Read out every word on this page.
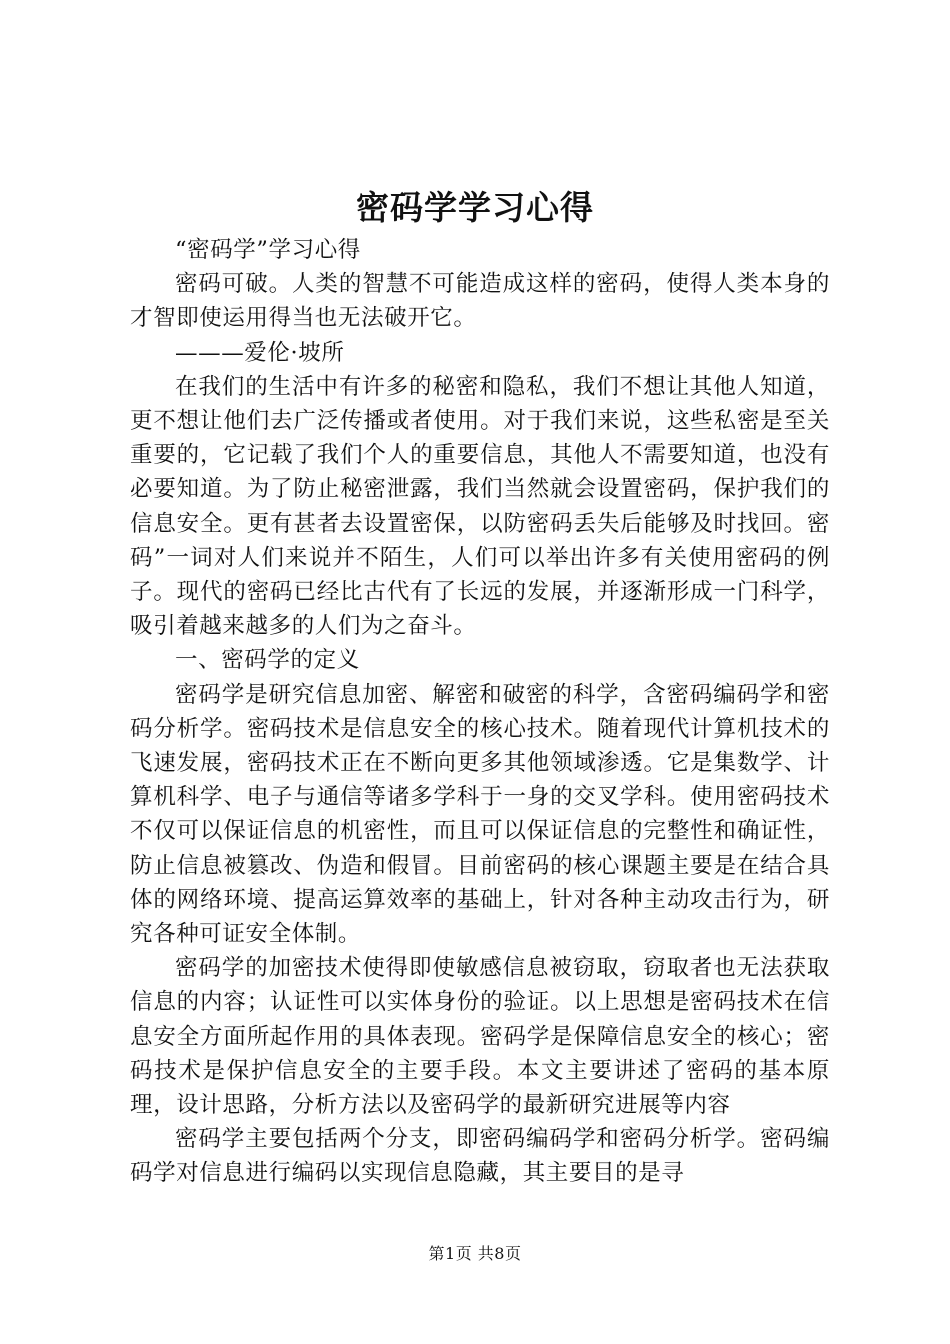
密码学学习心得

“密码学”学习心得

密码可破。人类的智慧不可能造成这样的密码，使得人类本身的才智即使运用得当也无法破开它。

———爱伦·坡所

在我们的生活中有许多的秘密和隐私，我们不想让其他人知道，更不想让他们去广泛传播或者使用。对于我们来说，这些私密是至关重要的，它记载了我们个人的重要信息，其他人不需要知道，也没有必要知道。为了防止秘密泄露，我们当然就会设置密码，保护我们的信息安全。更有甚者去设置密保，以防密码丢失后能够及时找回。密码”一词对人们来说并不陌生，人们可以举出许多有关使用密码的例子。现代的密码已经比古代有了长远的发展，并逐渐形成一门科学，吸引着越来越多的人们为之奋斗。

一、密码学的定义

密码学是研究信息加密、解密和破密的科学，含密码编码学和密码分析学。密码技术是信息安全的核心技术。随着现代计算机技术的飞速发展，密码技术正在不断向更多其他领域渗透。它是集数学、计算机科学、电子与通信等诸多学科于一身的交叉学科。使用密码技术不仅可以保证信息的机密性，而且可以保证信息的完整性和确证性，防止信息被篡改、伪造和假冒。目前密码的核心课题主要是在结合具体的网络环境、提高运算效率的基础上，针对各种主动攻击行为，研究各种可证安全体制。

密码学的加密技术使得即使敏感信息被窃取，窃取者也无法获取信息的内容；认证性可以实体身份的验证。以上思想是密码技术在信息安全方面所起作用的具体表现。密码学是保障信息安全的核心；密码技术是保护信息安全的主要手段。本文主要讲述了密码的基本原理，设计思路，分析方法以及密码学的最新研究进展等内容

密码学主要包括两个分支，即密码编码学和密码分析学。密码编码学对信息进行编码以实现信息隐藏，其主要目的是寻

第1页 共8页
